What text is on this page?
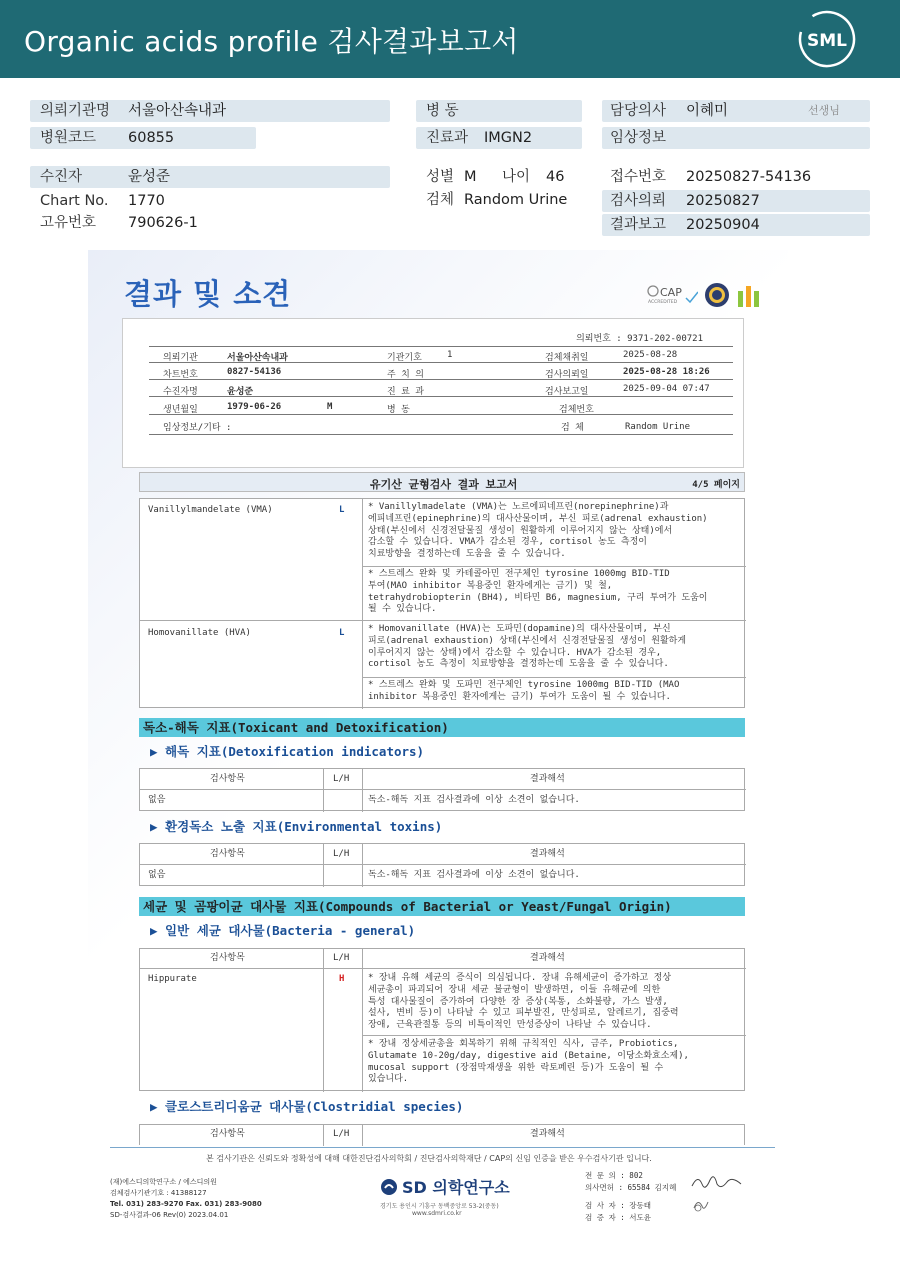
Organic acids profile 검사결과보고서	SML
의뢰기관명 서울아산속내과
병원코드 60855
병 동
진료과 IMGN2
담당의사 이혜미	선생님
임상정보
수진자	윤성준
Chart No. 1770
고유번호 790626-1
성별 M 나이 46
검체 Random Urine
접수번호 20250827-54136
검사의뢰 20250827
결과보고 20250904
결과 및 소견	CAP
ACCREDITED
의뢰번호 : 9371-202-00721
의뢰기관	서울아산속내과	기관기호	1	검체채취일	2025-08-28
차트번호	0827-54136	주 치 의	검사의뢰일	2025-08-28 18:26
수진자명	윤성준	진 료 과	검사보고일	2025-09-04 07:47
생년월일	1979-06-26	M	병 동	검체번호
임상정보/기타 :	검 체	Random Urine
유기산 균형검사 결과 보고서	4/5 페이지
Vanillylmandelate (VMA)	L	* Vanillylmadelate (VMA)는 노르에피네프린(norepinephrine)과
에피네프린(epinephrine)의 대사산물이며, 부신 피로(adrenal exhaustion)
상태(부신에서 신경전달물질 생성이 원활하게 이루어지지 않는 상태)에서
감소할 수 있습니다. VMA가 감소된 경우, cortisol 농도 측정이
치료방향을 결정하는데 도움을 줄 수 있습니다.
* 스트레스 완화 및 카테콜아민 전구체인 tyrosine 1000mg BID-TID
투여(MAO inhibitor 복용중인 환자에게는 금기) 및 철,
tetrahydrobiopterin (BH4), 비타민 B6, magnesium, 구리 투여가 도움이
될 수 있습니다.
Homovanillate (HVA)	L	* Homovanillate (HVA)는 도파민(dopamine)의 대사산물이며, 부신
피로(adrenal exhaustion) 상태(부신에서 신경전달물질 생성이 원활하게
이루어지지 않는 상태)에서 감소할 수 있습니다. HVA가 감소된 경우,
cortisol 농도 측정이 치료방향을 결정하는데 도움을 줄 수 있습니다.
* 스트레스 완화 및 도파민 전구체인 tyrosine 1000mg BID-TID (MAO
inhibitor 복용중인 환자에게는 금기) 투여가 도움이 될 수 있습니다.
독소-해독 지표(Toxicant and Detoxification)
▶ 해독 지표(Detoxification indicators)
검사항목	L/H	결과해석
없음	독소-해독 지표 검사결과에 이상 소견이 없습니다.
▶ 환경독소 노출 지표(Environmental toxins)
검사항목	L/H	결과해석
없음	독소-해독 지표 검사결과에 이상 소견이 없습니다.
세균 및 곰팡이균 대사물 지표(Compounds of Bacterial or Yeast/Fungal Origin)
▶ 일반 세균 대사물(Bacteria - general)
검사항목	L/H	결과해석
Hippurate	H	* 장내 유해 세균의 증식이 의심됩니다. 장내 유해세균이 증가하고 정상
세균총이 파괴되어 장내 세균 불균형이 발생하면, 이들 유해균에 의한
특성 대사물질이 증가하여 다양한 장 증상(복통, 소화불량, 가스 발생,
설사, 변비 등)이 나타날 수 있고 피부발진, 만성피로, 알레르기, 집중력
장애, 근육관절통 등의 비특이적인 만성증상이 나타날 수 있습니다.
* 장내 정상세균총을 회복하기 위해 규칙적인 식사, 금주, Probiotics,
Glutamate 10-20g/day, digestive aid (Betaine, 이당소화효소제),
mucosal support (장점막재생을 위한 락토페린 등)가 도움이 될 수
있습니다.
▶ 클로스트리디움균 대사물(Clostridial species)
검사항목	L/H	결과해석
본 검사기관은 신뢰도와 정확성에 대해 대한진단검사의학회 / 진단검사의학재단 / CAP의 신임 인증을 받은 우수검사기관 입니다.
(재)에스디의학연구소 / 에스디의원
검체검사기관기호 : 41388127
Tel. 031) 283-9270 Fax. 031) 283-9080
SD-검사결과-06 Rev(0) 2023.04.01
SD 의학연구소
경기도 용인시 기흥구 동백중앙로 53-2(중동)
www.sdmri.co.kr
전 문 의 : 802
의사면허 : 65584 김지혜
검 사 자 : 장동태
검 증 자 : 서도윤
